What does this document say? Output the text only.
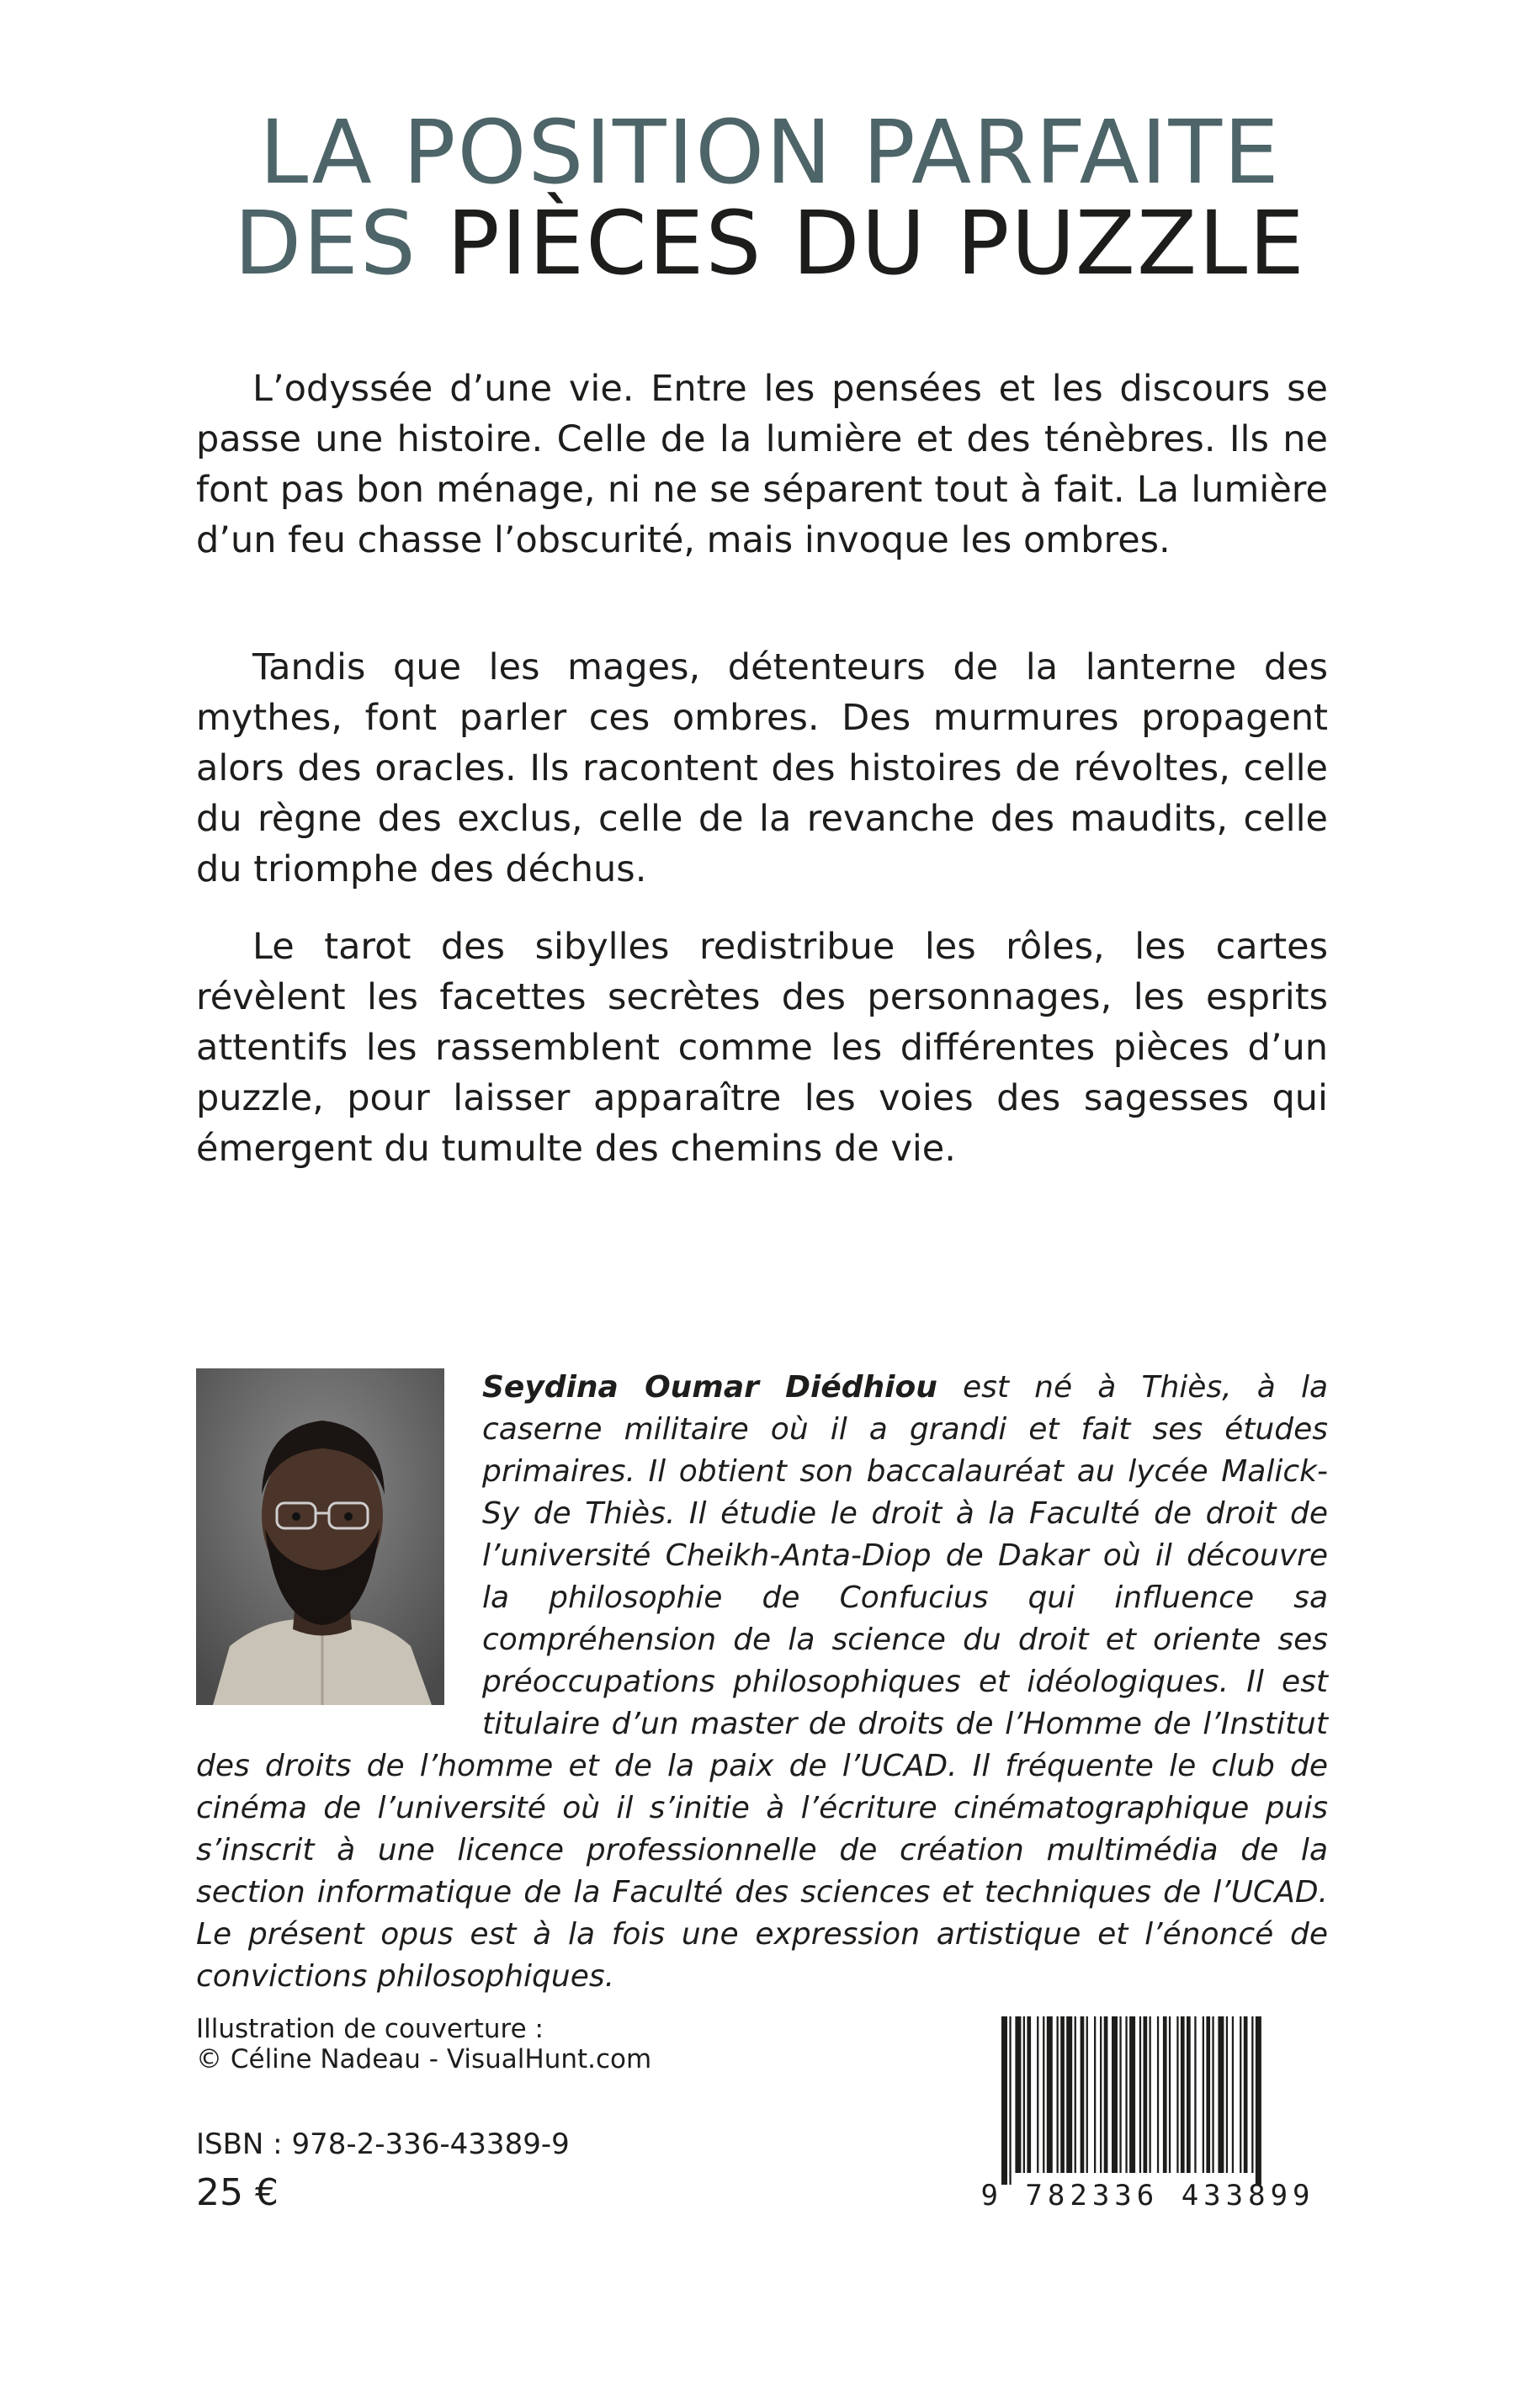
LA POSITION PARFAITE
DES PIÈCES DU PUZZLE

L’odyssée d’une vie. Entre les pensées et les discours se passe une histoire. Celle de la lumière et des ténèbres. Ils ne font pas bon ménage, ni ne se séparent tout à fait. La lumière d’un feu chasse l’obscurité, mais invoque les ombres.

Tandis que les mages, détenteurs de la lanterne des mythes, font parler ces ombres. Des murmures propagent alors des oracles. Ils racontent des histoires de révoltes, celle du règne des exclus, celle de la revanche des maudits, celle du triomphe des déchus.

Le tarot des sibylles redistribue les rôles, les cartes révèlent les facettes secrètes des personnages, les esprits attentifs les rassemblent comme les différentes pièces d’un puzzle, pour laisser apparaître les voies des sagesses qui émergent du tumulte des chemins de vie.

Seydina Oumar Diédhiou est né à Thiès, à la caserne militaire où il a grandi et fait ses études primaires. Il obtient son baccalauréat au lycée Malick-Sy de Thiès. Il étudie le droit à la Faculté de droit de l’université Cheikh-Anta-Diop de Dakar où il découvre la philosophie de Confucius qui influence sa compréhension de la science du droit et oriente ses préoccupations philosophiques et idéologiques. Il est titulaire d’un master de droits de l’Homme de l’Institut des droits de l’homme et de la paix de l’UCAD. Il fréquente le club de cinéma de l’université où il s’initie à l’écriture cinématographique puis s’inscrit à une licence professionnelle de création multimédia de la section informatique de la Faculté des sciences et techniques de l’UCAD. Le présent opus est à la fois une expression artistique et l’énoncé de convictions philosophiques.

Illustration de couverture :
© Céline Nadeau - VisualHunt.com
ISBN : 978-2-336-43389-9
25 €	9 782336 433899
